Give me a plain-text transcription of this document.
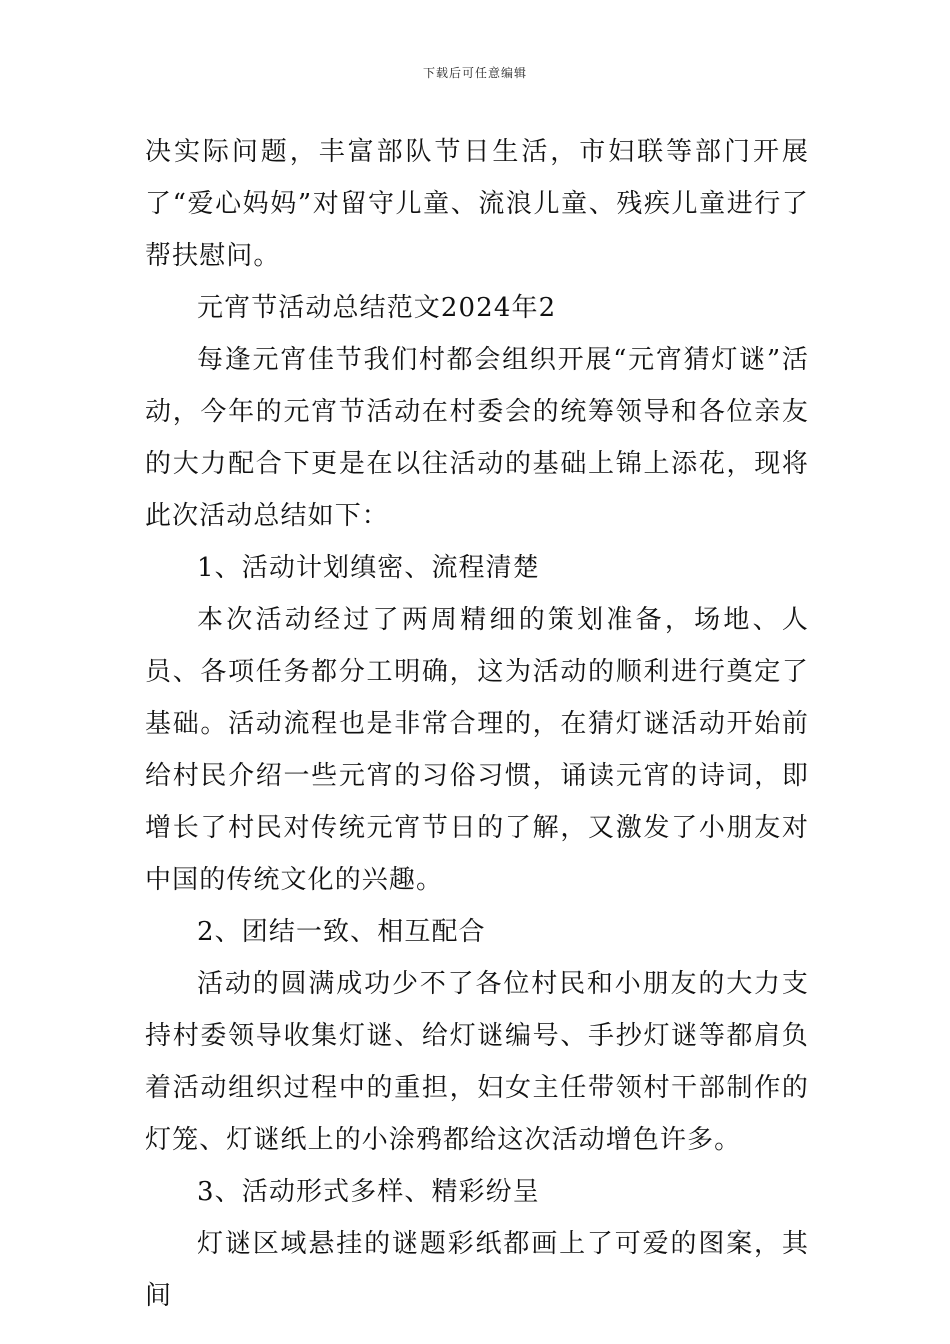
下载后可任意编辑

决实际问题，丰富部队节日生活，市妇联等部门开展了“爱心妈妈”对留守儿童、流浪儿童、残疾儿童进行了帮扶慰问。

元宵节活动总结范文2024年2

每逢元宵佳节我们村都会组织开展“元宵猜灯谜”活动，今年的元宵节活动在村委会的统筹领导和各位亲友的大力配合下更是在以往活动的基础上锦上添花，现将此次活动总结如下：

1、活动计划缜密、流程清楚

本次活动经过了两周精细的策划准备，场地、人员、各项任务都分工明确，这为活动的顺利进行奠定了基础。活动流程也是非常合理的，在猜灯谜活动开始前给村民介绍一些元宵的习俗习惯，诵读元宵的诗词，即增长了村民对传统元宵节日的了解，又激发了小朋友对中国的传统文化的兴趣。

2、团结一致、相互配合

活动的圆满成功少不了各位村民和小朋友的大力支持村委领导收集灯谜、给灯谜编号、手抄灯谜等都肩负着活动组织过程中的重担，妇女主任带领村干部制作的灯笼、灯谜纸上的小涂鸦都给这次活动增色许多。

3、活动形式多样、精彩纷呈

灯谜区域悬挂的谜题彩纸都画上了可爱的图案，其间
